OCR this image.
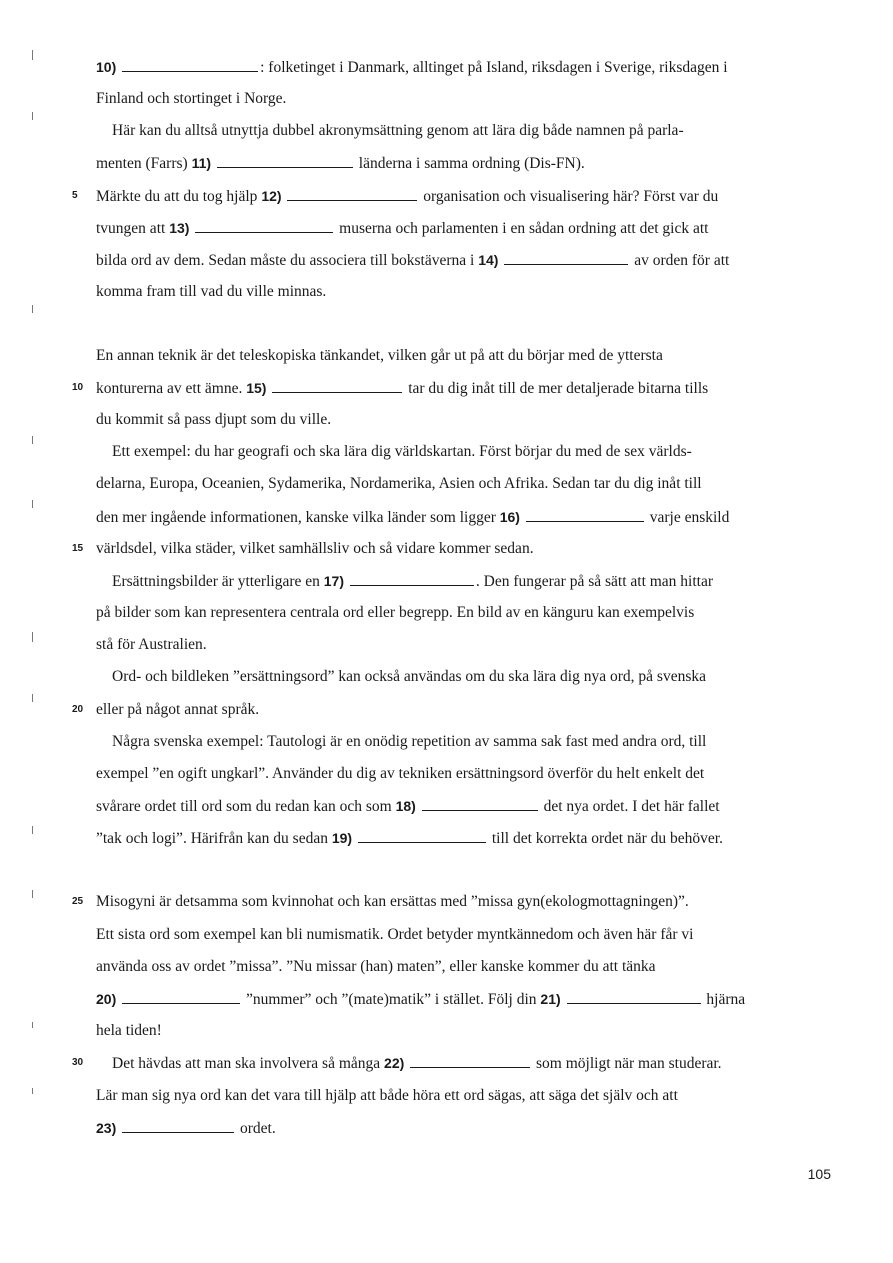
10)	: folketinget i Danmark, alltinget på Island, riksdagen i Sverige, riksdagen i
Finland och stortinget i Norge.
Här kan du alltså utnyttja dubbel akronymsättning genom att lära dig både namnen på parla-
menten (Farrs) 11)	länderna i samma ordning (Dis-FN).
5	Märkte du att du tog hjälp 12)	organisation och visualisering här? Först var du
tvungen att 13)	muserna och parlamenten i en sådan ordning att det gick att
bilda ord av dem. Sedan måste du associera till bokstäverna i 14)	av orden för att
komma fram till vad du ville minnas.
En annan teknik är det teleskopiska tänkandet, vilken går ut på att du börjar med de yttersta
10 konturerna av ett ämne. 15)	tar du dig inåt till de mer detaljerade bitarna tills
du kommit så pass djupt som du ville.
Ett exempel: du har geografi och ska lära dig världskartan. Först börjar du med de sex världs-
delarna, Europa, Oceanien, Sydamerika, Nordamerika, Asien och Afrika. Sedan tar du dig inåt till
den mer ingående informationen, kanske vilka länder som ligger 16)	varje enskild
15 världsdel, vilka städer, vilket samhällsliv och så vidare kommer sedan.
Ersättningsbilder är ytterligare en 17)	. Den fungerar på så sätt att man hittar
på bilder som kan representera centrala ord eller begrepp. En bild av en känguru kan exempelvis
stå för Australien.
Ord- och bildleken ”ersättningsord” kan också användas om du ska lära dig nya ord, på svenska
20 eller på något annat språk.
Några svenska exempel: Tautologi är en onödig repetition av samma sak fast med andra ord, till
exempel ”en ogift ungkarl”. Använder du dig av tekniken ersättningsord överför du helt enkelt det
svårare ordet till ord som du redan kan och som 18)	det nya ordet. I det här fallet
”tak och logi”. Härifrån kan du sedan 19)	till det korrekta ordet när du behöver.
25 Misogyni är detsamma som kvinnohat och kan ersättas med ”missa gyn(ekologmottagningen)”.
Ett sista ord som exempel kan bli numismatik. Ordet betyder myntkännedom och även här får vi
använda oss av ordet ”missa”. ”Nu missar (han) maten”, eller kanske kommer du att tänka
20)	”nummer” och ”(mate)matik” i stället. Följ din 21)	hjärna
hela tiden!
30	Det hävdas att man ska involvera så många 22)	som möjligt när man studerar.
Lär man sig nya ord kan det vara till hjälp att både höra ett ord sägas, att säga det själv och att
23)	ordet.
105
